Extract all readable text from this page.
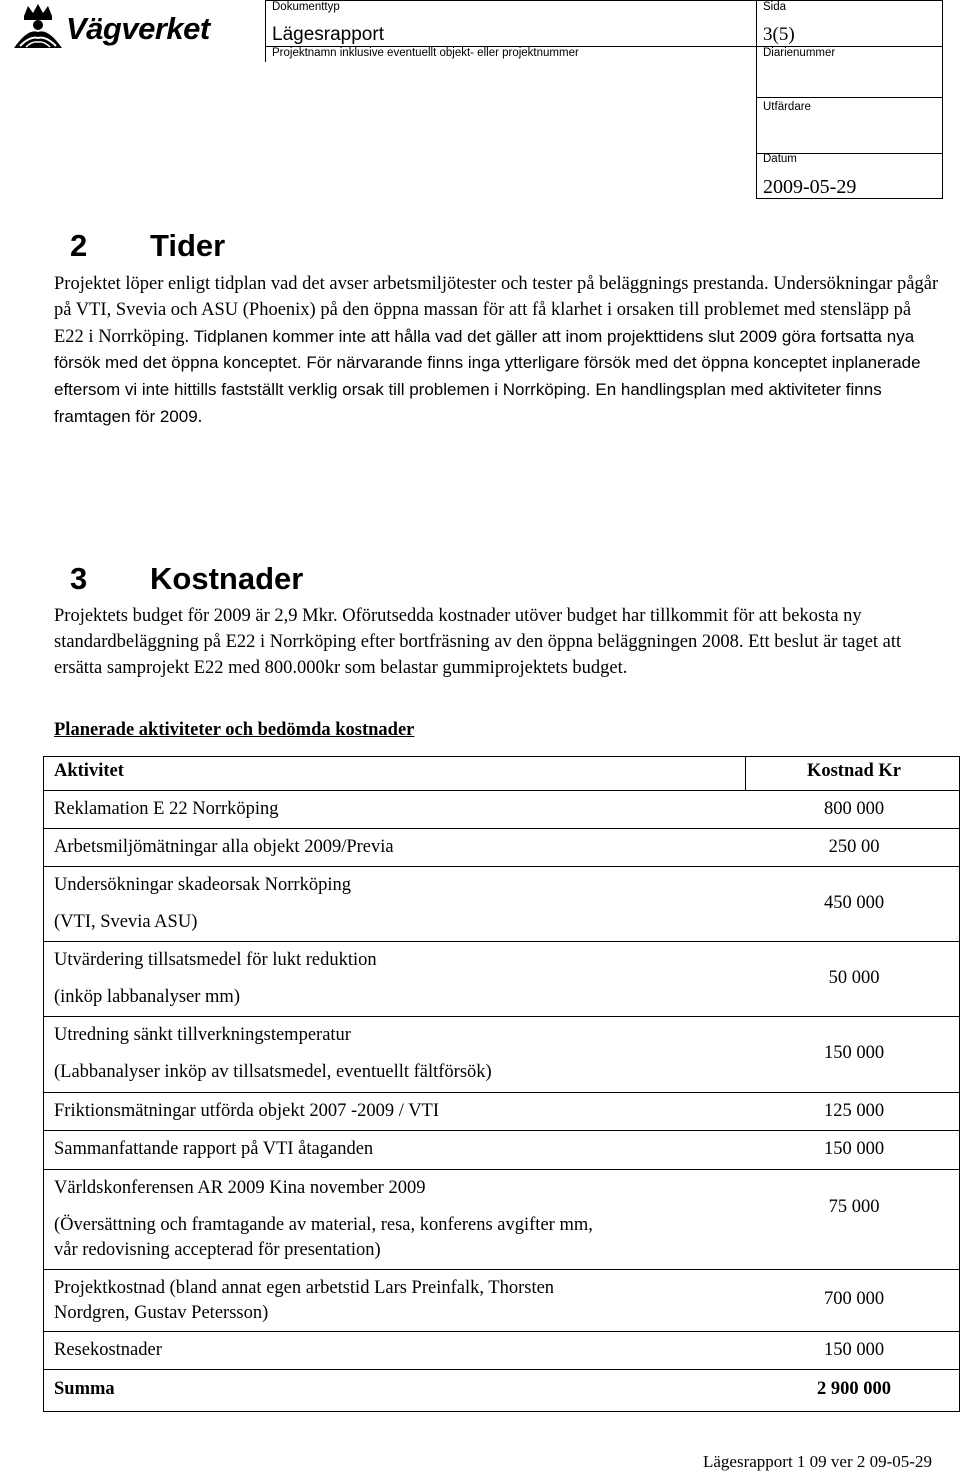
Vägverket
Dokumenttyp
Lägesrapport
Projektnamn inklusive eventuellt objekt- eller projektnummer
Sida
3(5)
Diarienummer
Utfärdare
Datum
2009-05-29
2 Tider
Projektet löper enligt tidplan vad det avser arbetsmiljötester och tester på beläggnings prestanda. Undersökningar pågår på VTI, Svevia och ASU (Phoenix) på den öppna massan för att få klarhet i orsaken till problemet med stensläpp på E22 i Norrköping. Tidplanen kommer inte att hålla vad det gäller att inom projekttidens slut 2009 göra fortsatta nya försök med det öppna konceptet. För närvarande finns inga ytterligare försök med det öppna konceptet inplanerade eftersom vi inte hittills fastställt verklig orsak till problemen i Norrköping. En handlingsplan med aktiviteter finns framtagen för 2009.
3 Kostnader
Projektets budget för 2009 är 2,9 Mkr. Oförutsedda kostnader utöver budget har tillkommit för att bekosta ny standardbeläggning på E22 i Norrköping efter bortfräsning av den öppna beläggningen 2008. Ett beslut är taget att ersätta samprojekt E22 med 800.000kr som belastar gummiprojektets budget.
Planerade aktiviteter och bedömda kostnader
Aktivitet	Kostnad Kr
Reklamation E 22 Norrköping	800 000
Arbetsmiljömätningar alla objekt 2009/Previa	250 00
Undersökningar skadeorsak Norrköping
(VTI, Svevia ASU)
450 000
Utvärdering tillsatsmedel för lukt reduktion
(inköp labbanalyser mm)
50 000
Utredning sänkt tillverkningstemperatur
(Labbanalyser inköp av tillsatsmedel, eventuellt fältförsök)
150 000
Friktionsmätningar utförda objekt 2007 -2009 / VTI	125 000
Sammanfattande rapport på VTI åtaganden	150 000
Världskonferensen AR 2009 Kina november 2009
(Översättning och framtagande av material, resa, konferens avgifter mm,
vår redovisning accepterad för presentation)
75 000
Projektkostnad (bland annat egen arbetstid Lars Preinfalk, Thorsten
Nordgren, Gustav Petersson)
700 000
Resekostnader	150 000
Summa	2 900 000
Lägesrapport 1 09 ver 2 09-05-29
